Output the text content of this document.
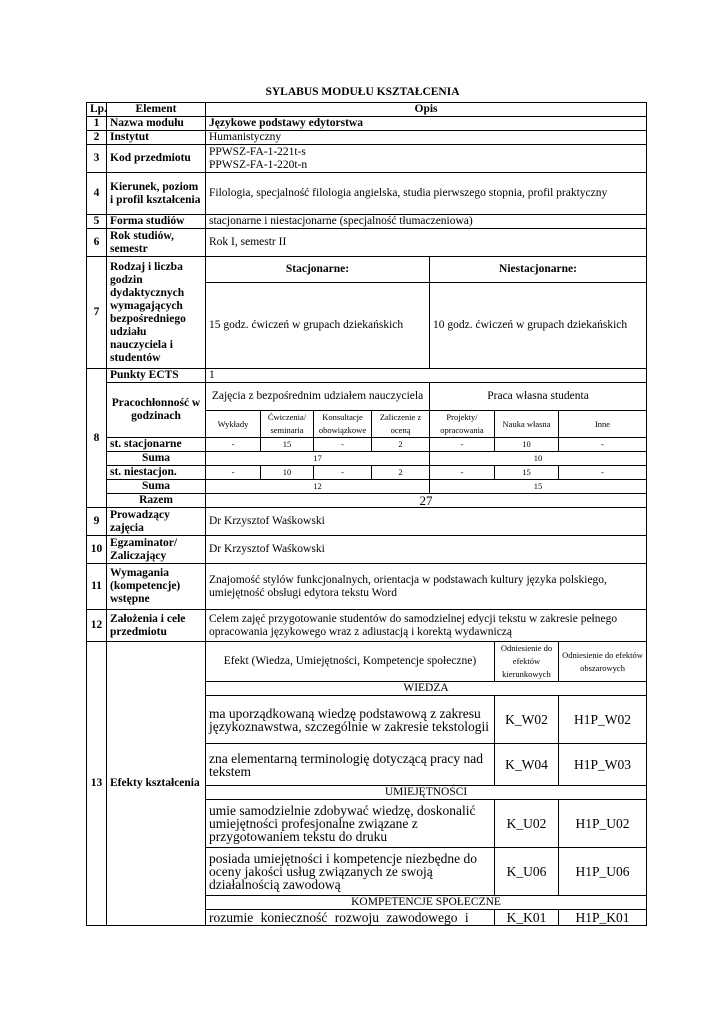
SYLABUS MODUŁU KSZTAŁCENIA
Lp.	Element	Opis						
1	Nazwa modułu	Językowe podstawy edytorstwa						
2	Instytut	Humanistyczny						
3	Kod przedmiotu	PPWSZ-FA-1-221t-s
PPWSZ-FA-1-220t-n						

4	Kierunek, poziom i profil kształcenia	Filologia, specjalność filologia angielska, studia pierwszego stopnia, profil praktyczny						
5	Forma studiów	stacjonarne i niestacjonarne (specjalność tłumaczeniowa)						
6	Rok studiów, semestr	Rok I, semestr II						
7	Rodzaj i liczba godzin dydaktycznych wymagających bezpośredniego udziału nauczyciela i studentów	Stacjonarne:				Niestacjonarne:		
		15 godz. ćwiczeń w grupach dziekańskich				10 godz. ćwiczeń w grupach dziekańskich		
8	Punkty ECTS	1						
	Pracochłonność w godzinach	Zajęcia z bezpośrednim udziałem nauczyciela				Praca własna studenta		
		Wykłady	Ćwiczenia/ seminaria	Konsultacje obowiązkowe	Zaliczenie z oceną	Projekty/ opracowania	Nauka własna	Inne
	st. stacjonarne	-	15	-	2	-	10	-
	Suma	17				10		
	st. niestacjon.	-	10	-	2	-	15	-
	Suma	12				15		
	Razem	27						
9	Prowadzący zajęcia	Dr Krzysztof Waśkowski						
10	Egzaminator/ Zaliczający	Dr Krzysztof Waśkowski						
11	Wymagania (kompetencje) wstępne	Znajomość stylów funkcjonalnych, orientacja w podstawach kultury języka polskiego, umiejętność obsługi edytora tekstu Word						
12	Założenia i cele przedmiotu	Celem zajęć przygotowanie studentów do samodzielnej edycji tekstu w zakresie pełnego opracowania językowego wraz z adiustacją i korektą wydawniczą						
13	Efekty kształcenia	Efekt (Wiedza, Umiejętności, Kompetencje społeczne)					Odniesienie do efektów kierunkowych	Odniesienie do efektów obszarowych
		WIEDZA						
		ma uporządkowaną wiedzę podstawową z zakresu językoznawstwa, szczególnie w zakresie tekstologii					K_W02	H1P_W02
		zna elementarną terminologię dotyczącą pracy nad tekstem					K_W04	H1P_W03
		UMIEJĘTNOŚCI						
		umie samodzielnie zdobywać wiedzę, doskonalić umiejętności profesjonalne związane z przygotowaniem tekstu do druku					K_U02	H1P_U02
		posiada umiejętności i kompetencje niezbędne do oceny jakości usług związanych ze swoją działalnością zawodową					K_U06	H1P_U06
		KOMPETENCJE SPOŁECZNE						
		rozumie konieczność rozwoju zawodowego i					K_K01	H1P_K01
